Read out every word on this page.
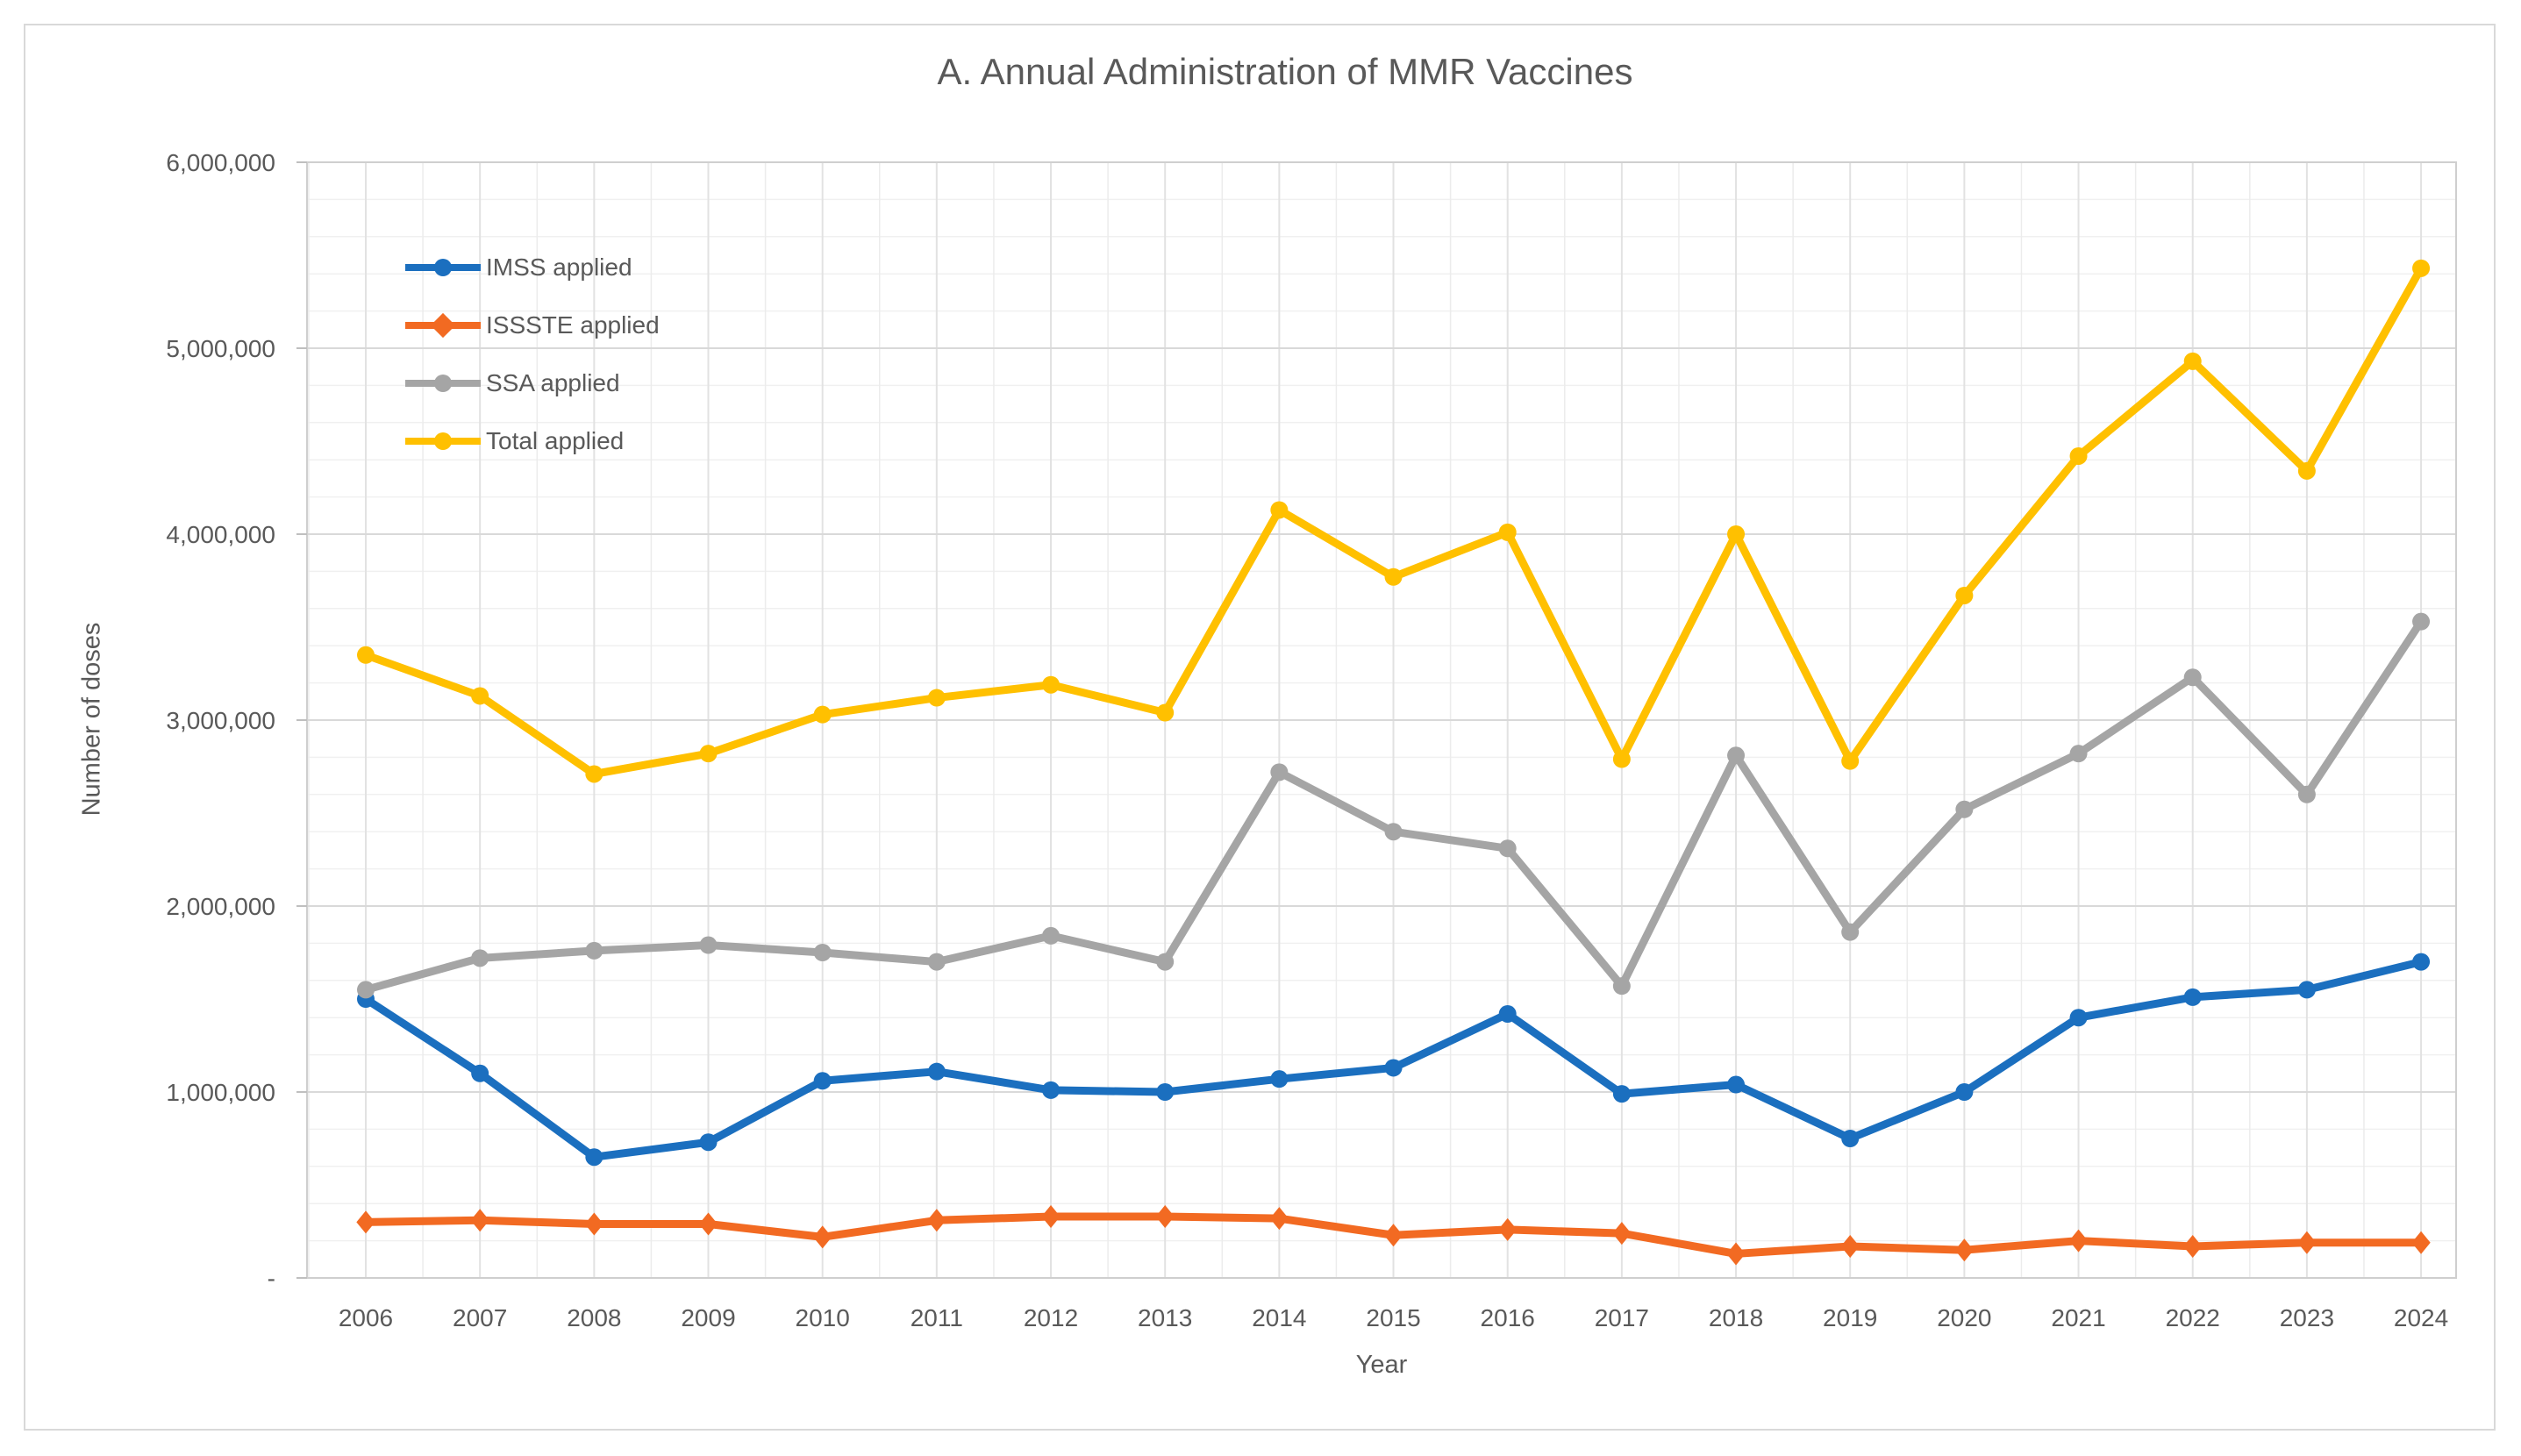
A. Annual Administration of MMR Vaccines
6,000,000
5,000,000
4,000,000
3,000,000
2,000,000
1,000,000
-
2006 2007 2008 2009 2010 2011 2012 2013 2014 2015 2016 2017 2018 2019 2020 2021 2022 2023 2024
Number of doses
Year
IMSS applied
ISSSTE applied
SSA applied
Total applied
